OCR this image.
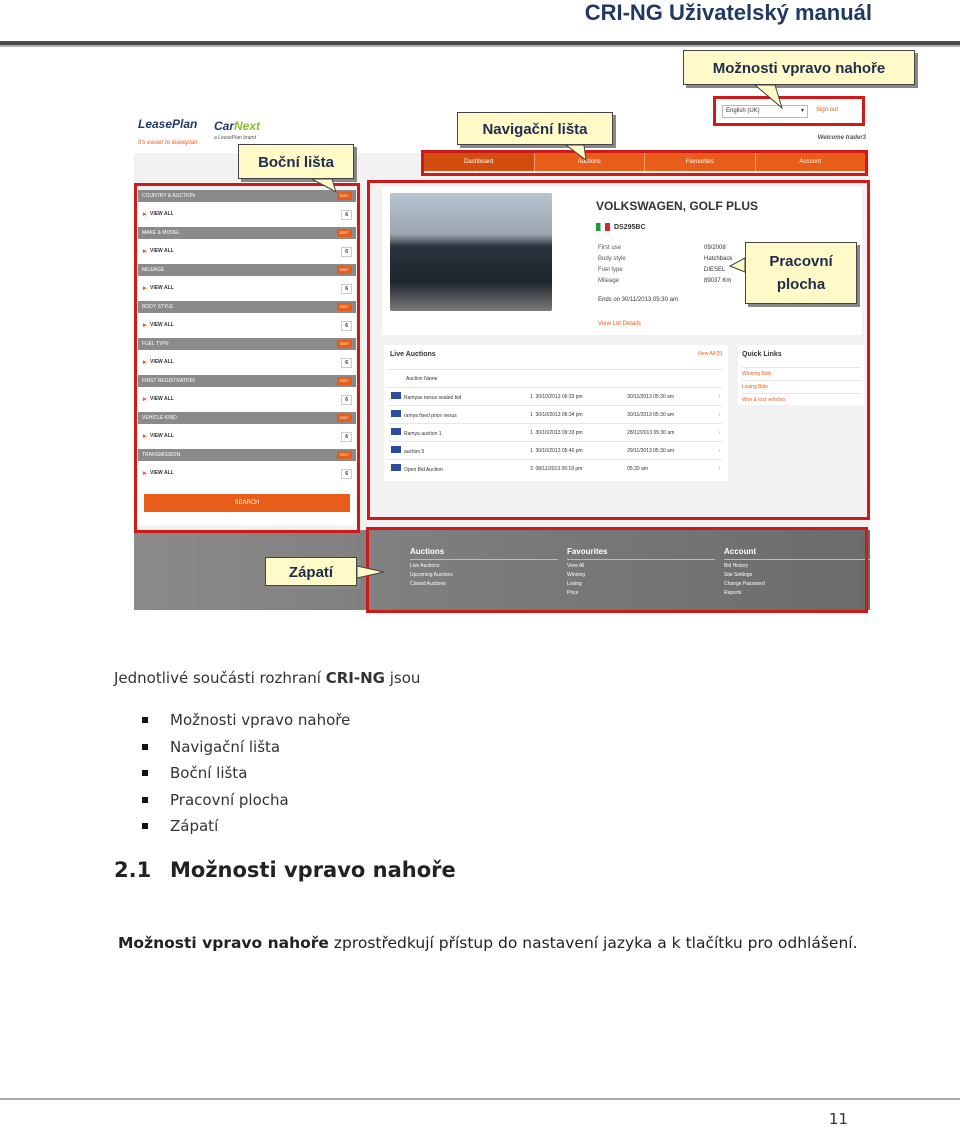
CRI-NG Uživatelský manuál
LeasePlan
It's easier to leaseplan
CarNext
a LeasePlan brand
English (UK) ▾	Sign out
Welcome trader3
Dashboard	Auctions	Favourites	Account
COUNTRY & AUCTION	EDIT
▸ VIEW ALL	6
MAKE & MODEL	EDIT
▸ VIEW ALL	6
MILEAGE	EDIT
▸ VIEW ALL	6
BODY STYLE	EDIT
▸ VIEW ALL	6
FUEL TYPE	EDIT
▸ VIEW ALL	6
FIRST REGISTRATION	EDIT
▸ VIEW ALL	6
VEHICLE KIND	EDIT
▸ VIEW ALL	6
TRANSMISSION	EDIT
▸ VIEW ALL	6
SEARCH
VOLKSWAGEN, GOLF PLUS
DS295BC
First use	09/2008
Body style	Hatchback
Fuel type	DIESEL
Mileage	89037 Km
Ends on 30/11/2013 05:30 am
View Lot Details
Live Auctions	View All [5]
Auction Name				
Ramyas nexus sealed bid	1	30/10/2013 06:33 pm	30/11/2013 05:30 am	›
ramya fixed price nexus	1	30/10/2013 06:34 pm	30/11/2013 05:30 am	›
Ramya auction 1	1	30/10/2013 09:33 pm	28/12/2013 05:30 am	›
auction 5	1	30/10/2013 05:40 pm	29/11/2013 05:30 am	›
Open Bid Auction	3	08/11/2013 06:19 pm	05:30 am	›
Quick Links
Winning Bids
Losing Bids
Won & lost vehicles
Auctions
Live Auctions
Upcoming Auctions
Closed Auctions
Favourites
View All
Winning
Losing
Price
Account
Bid History
Site Settings
Change Password
Reports
Možnosti vpravo nahoře
Navigační lišta
Boční lišta
Pracovní
plocha
Zápatí
Jednotlivé součásti rozhraní CRI-NG jsou
Možnosti vpravo nahoře
Navigační lišta
Boční lišta
Pracovní plocha
Zápatí
2.1 Možnosti vpravo nahoře
Možnosti vpravo nahoře zprostředkují přístup do nastavení jazyka a k tlačítku pro odhlášení.
11
